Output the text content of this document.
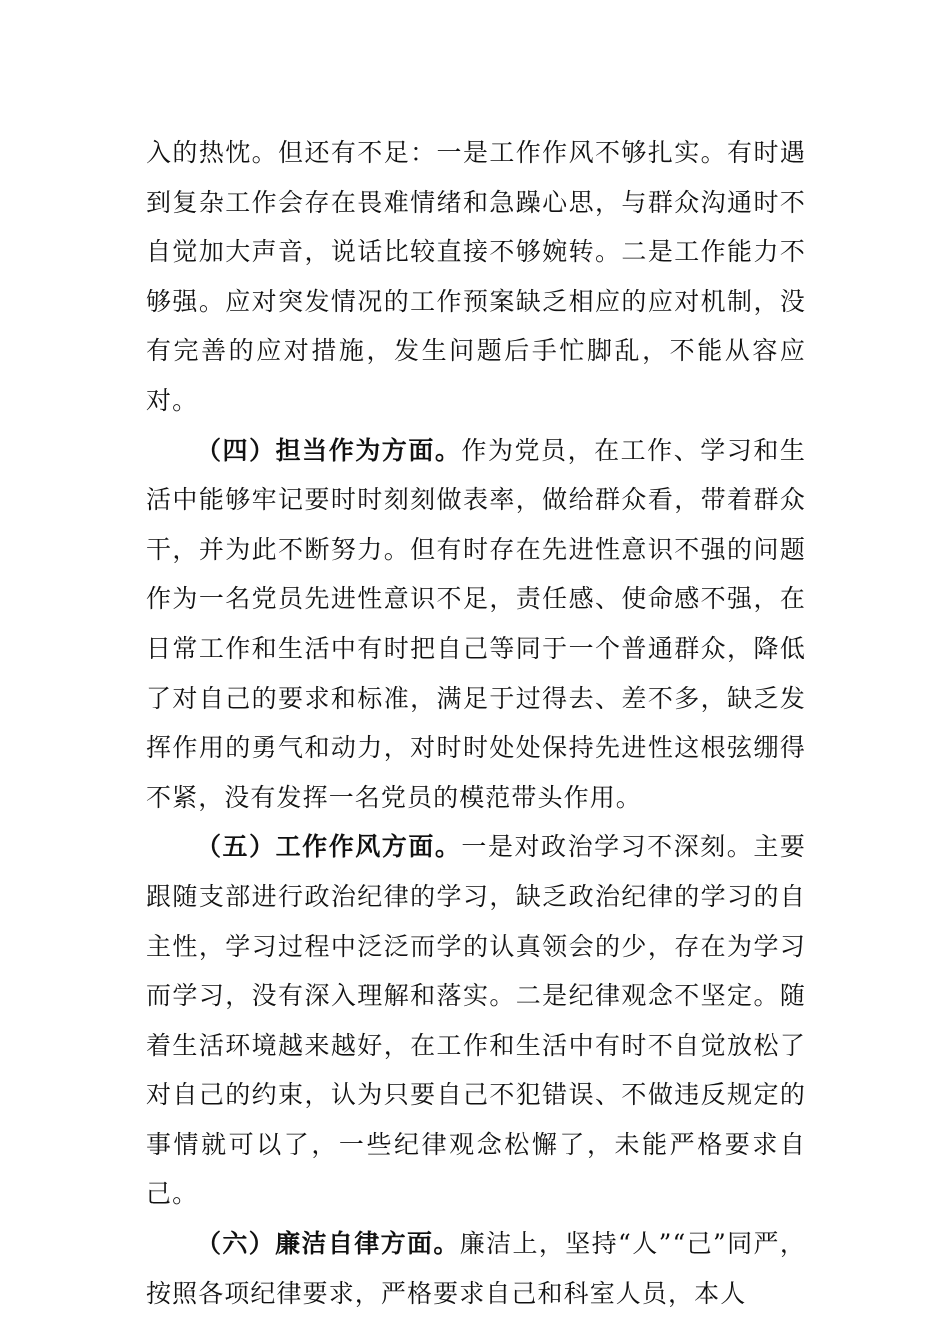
入的热忱。但还有不足：一是工作作风不够扎实。有时遇到复杂工作会存在畏难情绪和急躁心思，与群众沟通时不自觉加大声音，说话比较直接不够婉转。二是工作能力不够强。应对突发情况的工作预案缺乏相应的应对机制，没有完善的应对措施，发生问题后手忙脚乱，不能从容应对。

（四）担当作为方面。作为党员，在工作、学习和生活中能够牢记要时时刻刻做表率，做给群众看，带着群众干，并为此不断努力。但有时存在先进性意识不强的问题作为一名党员先进性意识不足，责任感、使命感不强，在日常工作和生活中有时把自己等同于一个普通群众，降低了对自己的要求和标准，满足于过得去、差不多，缺乏发挥作用的勇气和动力，对时时处处保持先进性这根弦绷得不紧，没有发挥一名党员的模范带头作用。

（五）工作作风方面。一是对政治学习不深刻。主要跟随支部进行政治纪律的学习，缺乏政治纪律的学习的自主性，学习过程中泛泛而学的认真领会的少，存在为学习而学习，没有深入理解和落实。二是纪律观念不坚定。随着生活环境越来越好，在工作和生活中有时不自觉放松了对自己的约束，认为只要自己不犯错误、不做违反规定的事情就可以了，一些纪律观念松懈了，未能严格要求自己。

（六）廉洁自律方面。廉洁上，坚持“人”“己”同严，按照各项纪律要求，严格要求自己和科室人员，本人
